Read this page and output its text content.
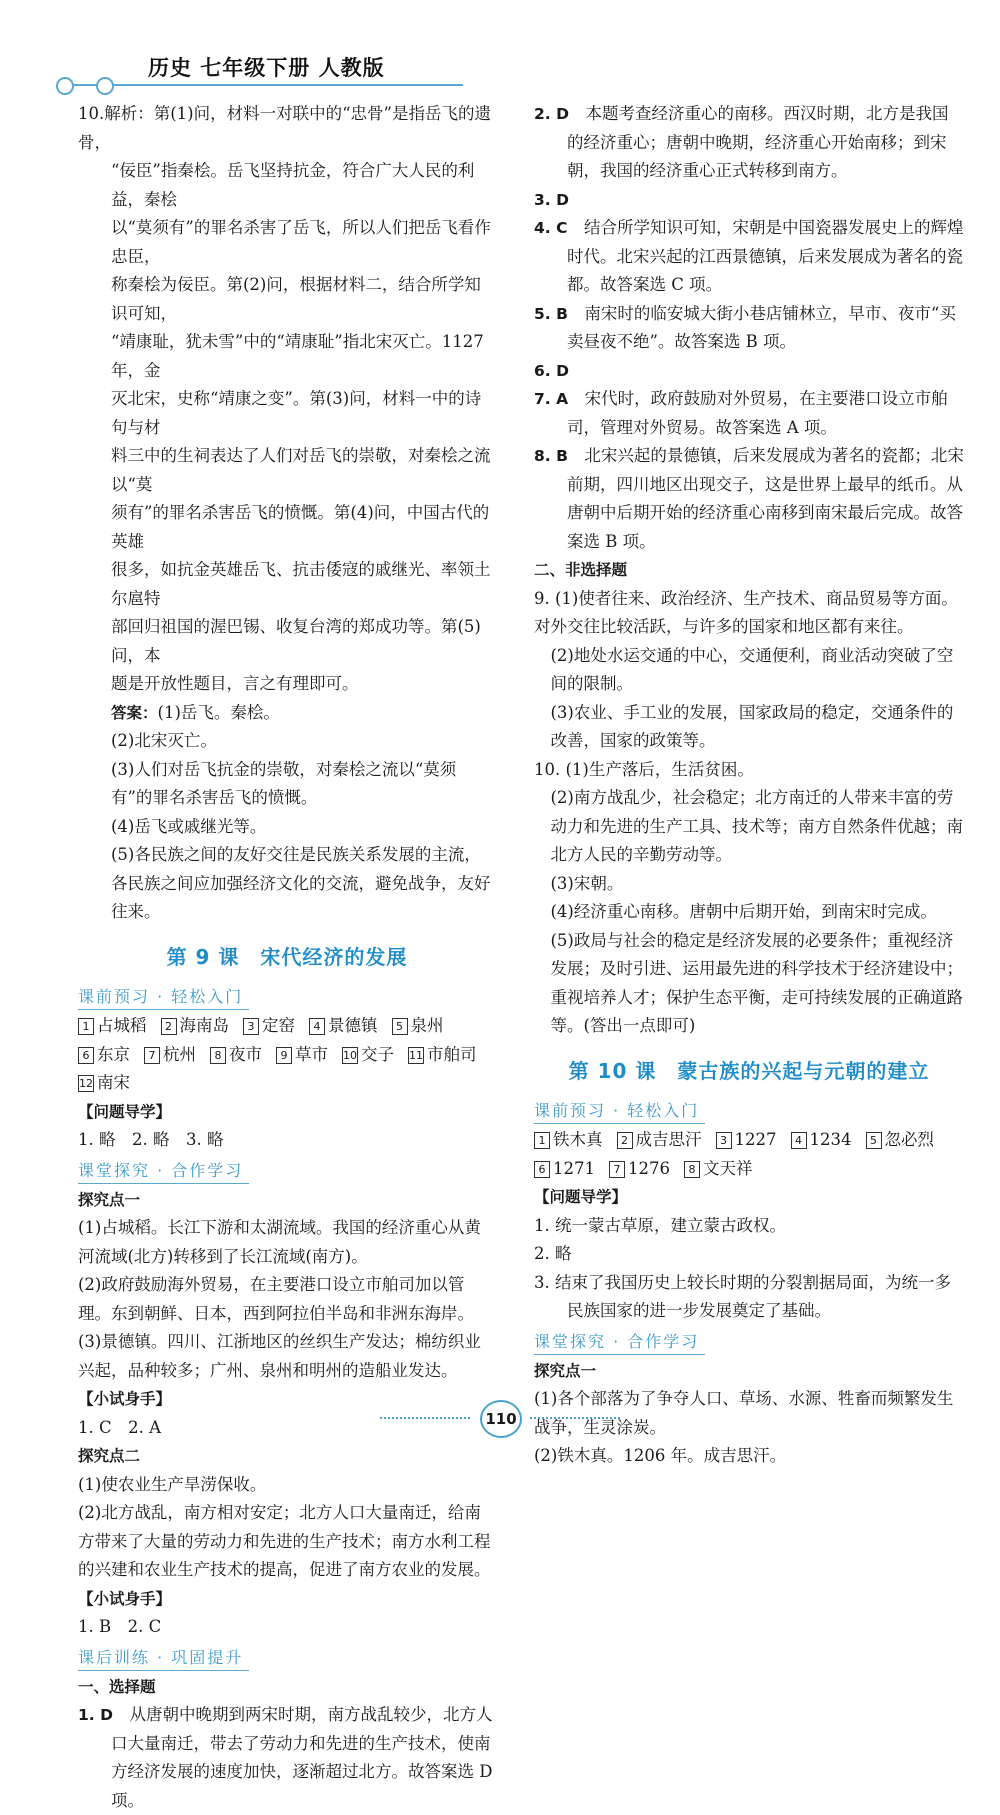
历史 七年级下册 人教版

10.解析：第(1)问，材料一对联中的“忠骨”是指岳飞的遗骨，

“佞臣”指秦桧。岳飞坚持抗金，符合广大人民的利益，秦桧

以“莫须有”的罪名杀害了岳飞，所以人们把岳飞看作忠臣，

称秦桧为佞臣。第(2)问，根据材料二，结合所学知识可知，

“靖康耻，犹未雪”中的“靖康耻”指北宋灭亡。1127 年，金

灭北宋，史称“靖康之变”。第(3)问，材料一中的诗句与材

料三中的生祠表达了人们对岳飞的崇敬，对秦桧之流以“莫

须有”的罪名杀害岳飞的愤慨。第(4)问，中国古代的英雄

很多，如抗金英雄岳飞、抗击倭寇的戚继光、率领土尔扈特

部回归祖国的渥巴锡、收复台湾的郑成功等。第(5)问，本

题是开放性题目，言之有理即可。

答案：(1)岳飞。秦桧。

(2)北宋灭亡。

(3)人们对岳飞抗金的崇敬，对秦桧之流以“莫须有”的罪名杀害岳飞的愤慨。

(4)岳飞或戚继光等。

(5)各民族之间的友好交往是民族关系发展的主流，各民族之间应加强经济文化的交流，避免战争，友好往来。

第 9 课　宋代经济的发展
课前预习 · 轻松入门
1 占城稻	2 海南岛	3 定窑	4 景德镇	5 泉州
6 东京	7 杭州	8 夜市	9 草市 10 交子 11 市舶司
12 南宋

【问题导学】

1. 略　2. 略　3. 略

课堂探究 · 合作学习

探究点一

(1)占城稻。长江下游和太湖流域。我国的经济重心从黄河流域(北方)转移到了长江流域(南方)。

(2)政府鼓励海外贸易，在主要港口设立市舶司加以管理。东到朝鲜、日本，西到阿拉伯半岛和非洲东海岸。

(3)景德镇。四川、江浙地区的丝织生产发达；棉纺织业兴起，品种较多；广州、泉州和明州的造船业发达。

【小试身手】

1. C　2. A

探究点二

(1)使农业生产旱涝保收。

(2)北方战乱，南方相对安定；北方人口大量南迁，给南方带来了大量的劳动力和先进的生产技术；南方水利工程的兴建和农业生产技术的提高，促进了南方农业的发展。

【小试身手】

1. B　2. C

课后训练 · 巩固提升

一、选择题

1. D　 从唐朝中晚期到两宋时期，南方战乱较少，北方人口大量南迁，带去了劳动力和先进的生产技术，使南方经济发展的速度加快，逐渐超过北方。故答案选 D 项。

2. D　 本题考查经济重心的南移。西汉时期，北方是我国的经济重心；唐朝中晚期，经济重心开始南移；到宋朝，我国的经济重心正式转移到南方。

3. D

4. C　 结合所学知识可知，宋朝是中国瓷器发展史上的辉煌时代。北宋兴起的江西景德镇，后来发展成为著名的瓷都。故答案选 C 项。

5. B　 南宋时的临安城大街小巷店铺林立，早市、夜市“买卖昼夜不绝”。故答案选 B 项。

6. D

7. A　 宋代时，政府鼓励对外贸易，在主要港口设立市舶司，管理对外贸易。故答案选 A 项。

8. B　 北宋兴起的景德镇，后来发展成为著名的瓷都；北宋前期，四川地区出现交子，这是世界上最早的纸币。从唐朝中后期开始的经济重心南移到南宋最后完成。故答案选 B 项。

二、非选择题

9. (1)使者往来、政治经济、生产技术、商品贸易等方面。对外交往比较活跃，与许多的国家和地区都有来往。

(2)地处水运交通的中心，交通便利，商业活动突破了空间的限制。

(3)农业、手工业的发展，国家政局的稳定，交通条件的改善，国家的政策等。

10. (1)生产落后，生活贫困。

(2)南方战乱少，社会稳定；北方南迁的人带来丰富的劳动力和先进的生产工具、技术等；南方自然条件优越；南北方人民的辛勤劳动等。

(3)宋朝。

(4)经济重心南移。唐朝中后期开始，到南宋时完成。

(5)政局与社会的稳定是经济发展的必要条件；重视经济发展；及时引进、运用最先进的科学技术于经济建设中；重视培养人才；保护生态平衡，走可持续发展的正确道路等。(答出一点即可)

第 10 课　蒙古族的兴起与元朝的建立
课前预习 · 轻松入门
1 铁木真	2 成吉思汗	3 1227	4 1234	5 忽必烈
6 1271	7 1276	8 文天祥

【问题导学】

1. 统一蒙古草原，建立蒙古政权。

2. 略

3. 结束了我国历史上较长时期的分裂割据局面，为统一多民族国家的进一步发展奠定了基础。

课堂探究 · 合作学习

探究点一

(1)各个部落为了争夺人口、草场、水源、牲畜而频繁发生战争，生灵涂炭。

(2)铁木真。1206 年。成吉思汗。

110
